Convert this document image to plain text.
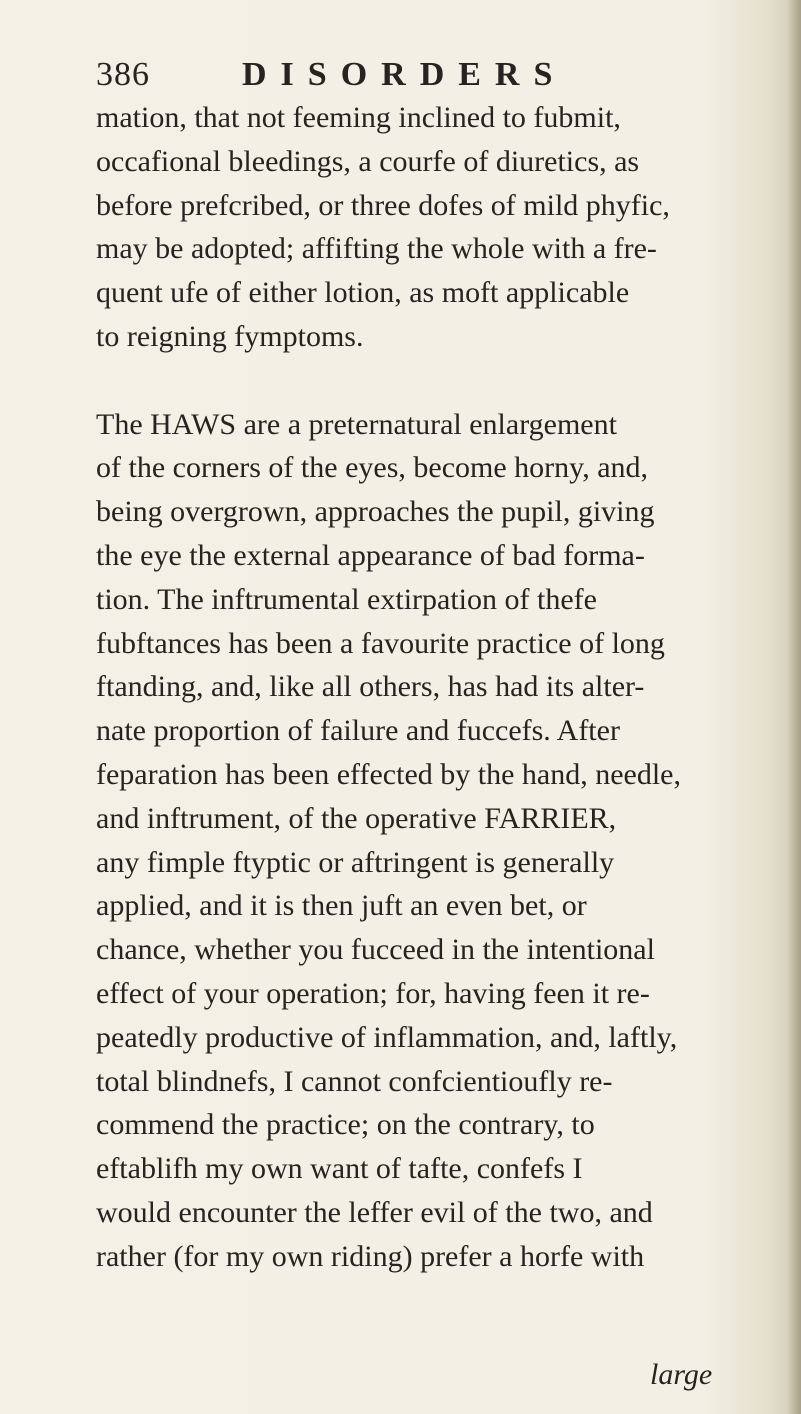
386	DISORDERS
mation, that not feeming inclined to fubmit,
occafional bleedings, a courfe of diuretics, as
before prefcribed, or three dofes of mild phyfic,
may be adopted; affifting the whole with a fre-
quent ufe of either lotion, as moft applicable
to reigning fymptoms.
The HAWS are a preternatural enlargement
of the corners of the eyes, become horny, and,
being overgrown, approaches the pupil, giving
the eye the external appearance of bad forma-
tion. The inftrumental extirpation of thefe
fubftances has been a favourite practice of long
ftanding, and, like all others, has had its alter-
nate proportion of failure and fuccefs. After
feparation has been effected by the hand, needle,
and inftrument, of the operative FARRIER,
any fimple ftyptic or aftringent is generally
applied, and it is then juft an even bet, or
chance, whether you fucceed in the intentional
effect of your operation; for, having feen it re-
peatedly productive of inflammation, and, laftly,
total blindnefs, I cannot confcientioufly re-
commend the practice; on the contrary, to
eftablifh my own want of tafte, confefs I
would encounter the leffer evil of the two, and
rather (for my own riding) prefer a horfe with
large
